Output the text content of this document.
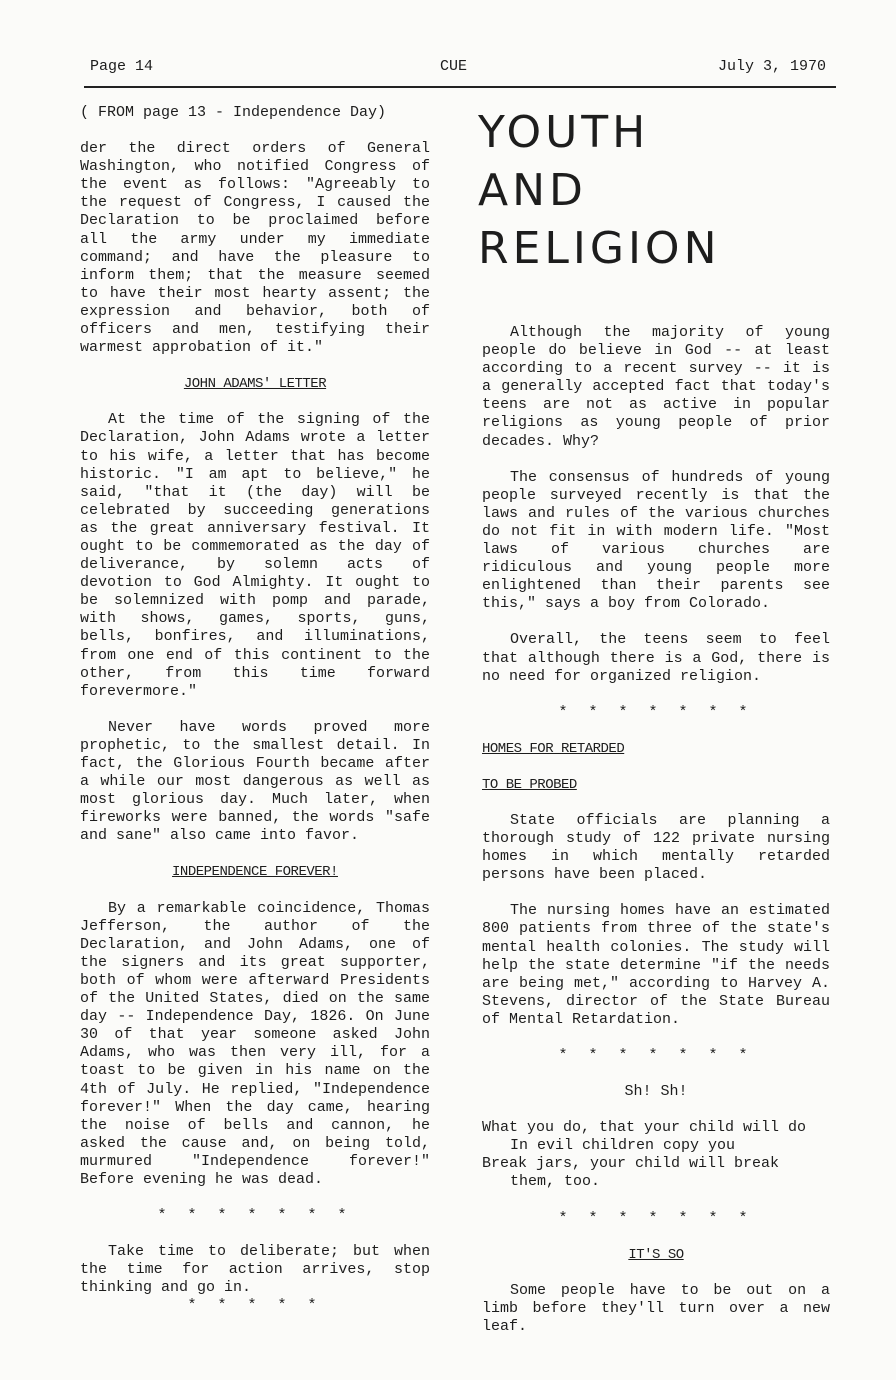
Page 14	CUE	July 3, 1970

( FROM page 13 - Independence Day)

der the direct orders of General Washington, who notified Congress of the event as follows: "Agreeably to the request of Congress, I caused the Declaration to be proclaimed before all the army under my immediate command; and have the pleasure to inform them; that the measure seemed to have their most hearty assent; the expression and behavior, both of officers and men, testifying their warmest approbation of it."

JOHN ADAMS' LETTER

At the time of the signing of the Declaration, John Adams wrote a letter to his wife, a letter that has become historic. "I am apt to believe," he said, "that it (the day) will be celebrated by succeeding generations as the great anniversary festival. It ought to be commemorated as the day of deliverance, by solemn acts of devotion to God Almighty. It ought to be solemnized with pomp and parade, with shows, games, sports, guns, bells, bonfires, and illuminations, from one end of this continent to the other, from this time forward forevermore."

Never have words proved more prophetic, to the smallest detail. In fact, the Glorious Fourth became after a while our most dangerous as well as most glorious day. Much later, when fireworks were banned, the words "safe and sane" also came into favor.

INDEPENDENCE FOREVER!

By a remarkable coincidence, Thomas Jefferson, the author of the Declaration, and John Adams, one of the signers and its great supporter, both of whom were afterward Presidents of the United States, died on the same day -- Independence Day, 1826. On June 30 of that year someone asked John Adams, who was then very ill, for a toast to be given in his name on the 4th of July. He replied, "Independence forever!" When the day came, hearing the noise of bells and cannon, he asked the cause and, on being told, murmured "Independence forever!" Before evening he was dead.

* * * * * * *

Take time to deliberate; but when the time for action arrives, stop thinking and go in.

* * * * *
YOUTH
AND
RELIGION

Although the majority of young people do believe in God -- at least according to a recent survey -- it is a generally accepted fact that today's teens are not as active in popular religions as young people of prior decades. Why?

The consensus of hundreds of young people surveyed recently is that the laws and rules of the various churches do not fit in with modern life. "Most laws of various churches are ridiculous and young people more enlightened than their parents see this," says a boy from Colorado.

Overall, the teens seem to feel that although there is a God, there is no need for organized religion.

* * * * * * *
HOMES FOR RETARDED
TO BE PROBED

State officials are planning a thorough study of 122 private nursing homes in which mentally retarded persons have been placed.

The nursing homes have an estimated 800 patients from three of the state's mental health colonies. The study will help the state determine "if the needs are being met," according to Harvey A. Stevens, director of the State Bureau of Mental Retardation.

* * * * * * *
Sh! Sh!
What you do, that your child will do
In evil children copy you
Break jars, your child will break
them, too.
* * * * * * *
IT'S SO

Some people have to be out on a limb before they'll turn over a new leaf.
